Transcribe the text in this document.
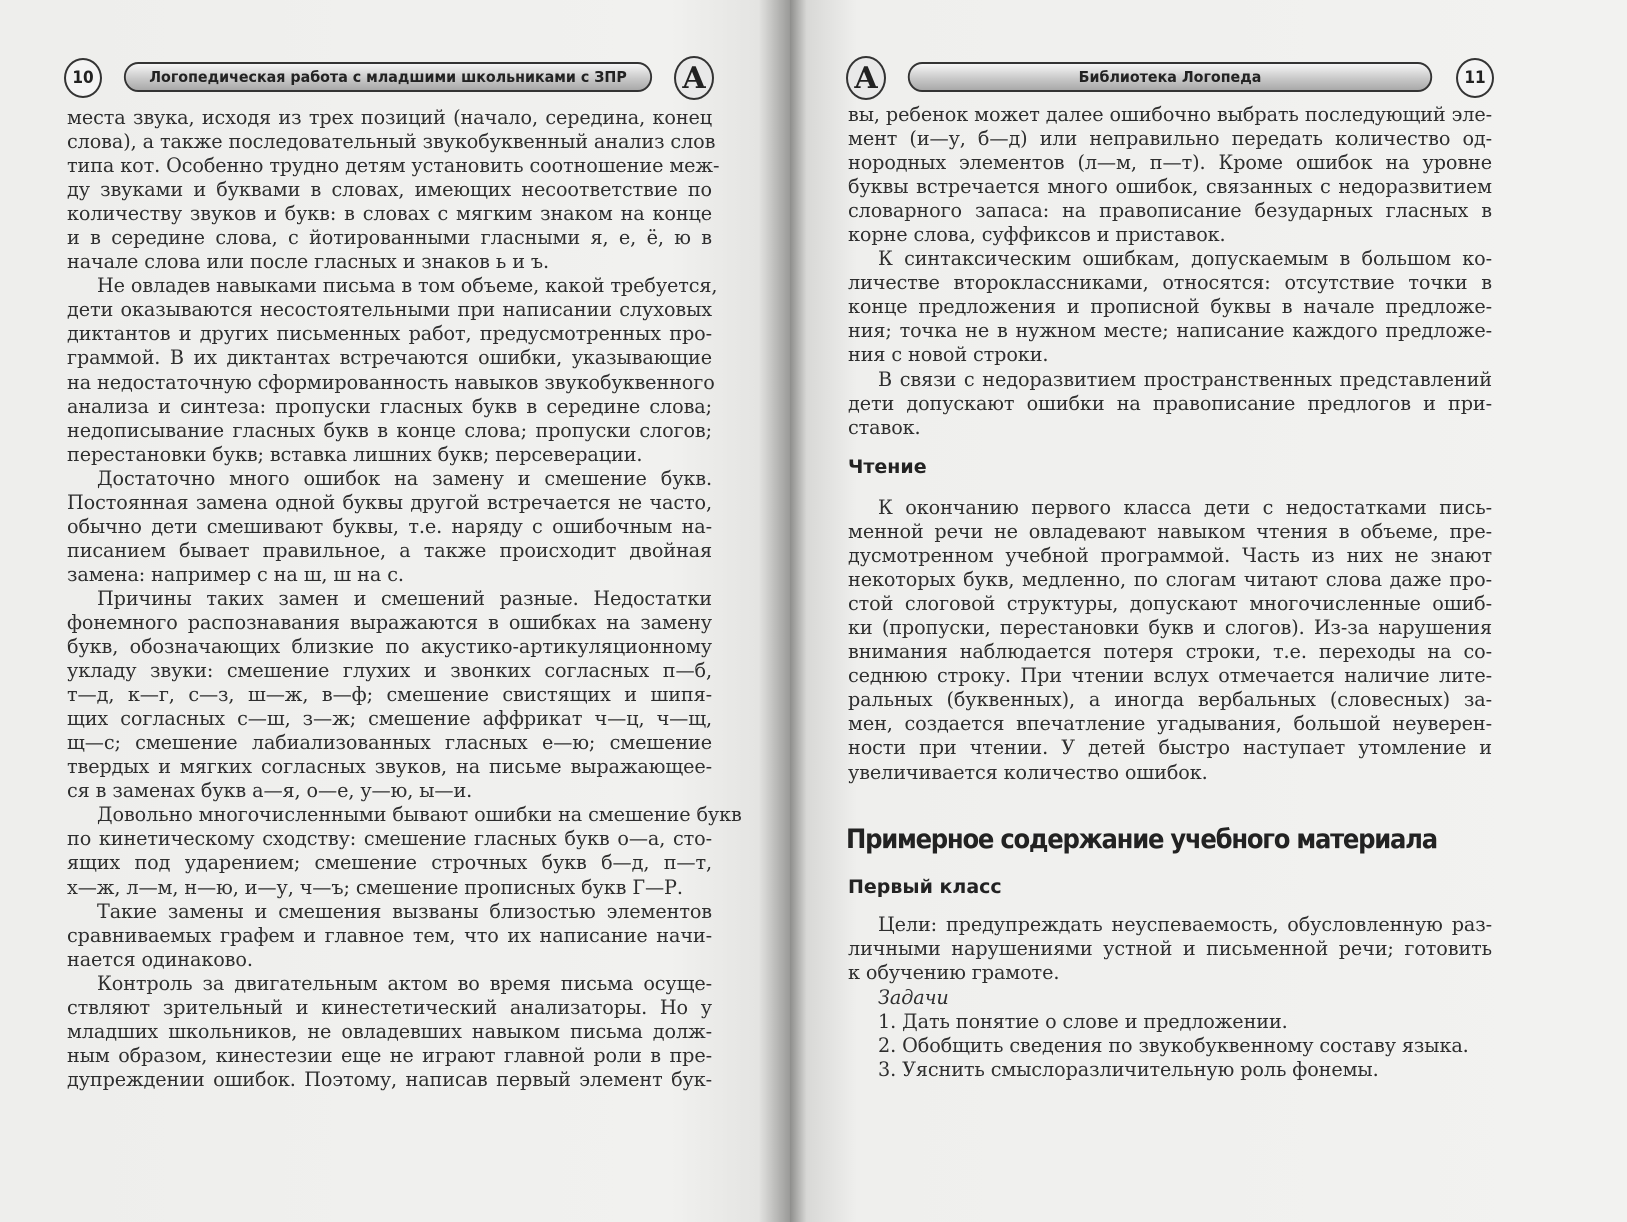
10	Логопедическая работа с младшими школьниками с ЗПР	A
места звука, исходя из трех позиций (начало, середина, конец
слова), а также последовательный звукобуквенный анализ слов
типа кот. Особенно трудно детям установить соотношение меж-
ду звуками и буквами в словах, имеющих несоответствие по
количеству звуков и букв: в словах с мягким знаком на конце
и в середине слова, с йотированными гласными я, е, ё, ю в
начале слова или после гласных и знаков ь и ъ.
Не овладев навыками письма в том объеме, какой требуется,
дети оказываются несостоятельными при написании слуховых
диктантов и других письменных работ, предусмотренных про-
граммой. В их диктантах встречаются ошибки, указывающие
на недостаточную сформированность навыков звукобуквенного
анализа и синтеза: пропуски гласных букв в середине слова;
недописывание гласных букв в конце слова; пропуски слогов;
перестановки букв; вставка лишних букв; персеверации.
Достаточно много ошибок на замену и смешение букв.
Постоянная замена одной буквы другой встречается не часто,
обычно дети смешивают буквы, т.е. наряду с ошибочным на-
писанием бывает правильное, а также происходит двойная
замена: например с на ш, ш на с.
Причины таких замен и смешений разные. Недостатки
фонемного распознавания выражаются в ошибках на замену
букв, обозначающих близкие по акустико-артикуляционному
укладу звуки: смешение глухих и звонких согласных п—б,
т—д, к—г, с—з, ш—ж, в—ф; смешение свистящих и шипя-
щих согласных с—ш, з—ж; смешение аффрикат ч—ц, ч—щ,
щ—с; смешение лабиализованных гласных е—ю; смешение
твердых и мягких согласных звуков, на письме выражающее-
ся в заменах букв а—я, о—е, у—ю, ы—и.
Довольно многочисленными бывают ошибки на смешение букв
по кинетическому сходству: смешение гласных букв о—а, сто-
ящих под ударением; смешение строчных букв б—д, п—т,
х—ж, л—м, н—ю, и—у, ч—ъ; смешение прописных букв Г—Р.
Такие замены и смешения вызваны близостью элементов
сравниваемых графем и главное тем, что их написание начи-
нается одинаково.
Контроль за двигательным актом во время письма осуще-
ствляют зрительный и кинестетический анализаторы. Но у
младших школьников, не овладевших навыком письма долж-
ным образом, кинестезии еще не играют главной роли в пре-
дупреждении ошибок. Поэтому, написав первый элемент бук-
A	Библиотека Логопеда	11
вы, ребенок может далее ошибочно выбрать последующий эле-
мент (и—у, б—д) или неправильно передать количество од-
нородных элементов (л—м, п—т). Кроме ошибок на уровне
буквы встречается много ошибок, связанных с недоразвитием
словарного запаса: на правописание безударных гласных в
корне слова, суффиксов и приставок.
К синтаксическим ошибкам, допускаемым в большом ко-
личестве второклассниками, относятся: отсутствие точки в
конце предложения и прописной буквы в начале предложе-
ния; точка не в нужном месте; написание каждого предложе-
ния с новой строки.
В связи с недоразвитием пространственных представлений
дети допускают ошибки на правописание предлогов и при-
ставок.
Чтение
К окончанию первого класса дети с недостатками пись-
менной речи не овладевают навыком чтения в объеме, пре-
дусмотренном учебной программой. Часть из них не знают
некоторых букв, медленно, по слогам читают слова даже про-
стой слоговой структуры, допускают многочисленные ошиб-
ки (пропуски, перестановки букв и слогов). Из-за нарушения
внимания наблюдается потеря строки, т.е. переходы на со-
седнюю строку. При чтении вслух отмечается наличие лите-
ральных (буквенных), а иногда вербальных (словесных) за-
мен, создается впечатление угадывания, большой неуверен-
ности при чтении. У детей быстро наступает утомление и
увеличивается количество ошибок.
Примерное содержание учебного материала
Первый класс
Цели: предупреждать неуспеваемость, обусловленную раз-
личными нарушениями устной и письменной речи; готовить
к обучению грамоте.
Задачи
1. Дать понятие о слове и предложении.
2. Обобщить сведения по звукобуквенному составу языка.
3. Уяснить смыслоразличительную роль фонемы.
